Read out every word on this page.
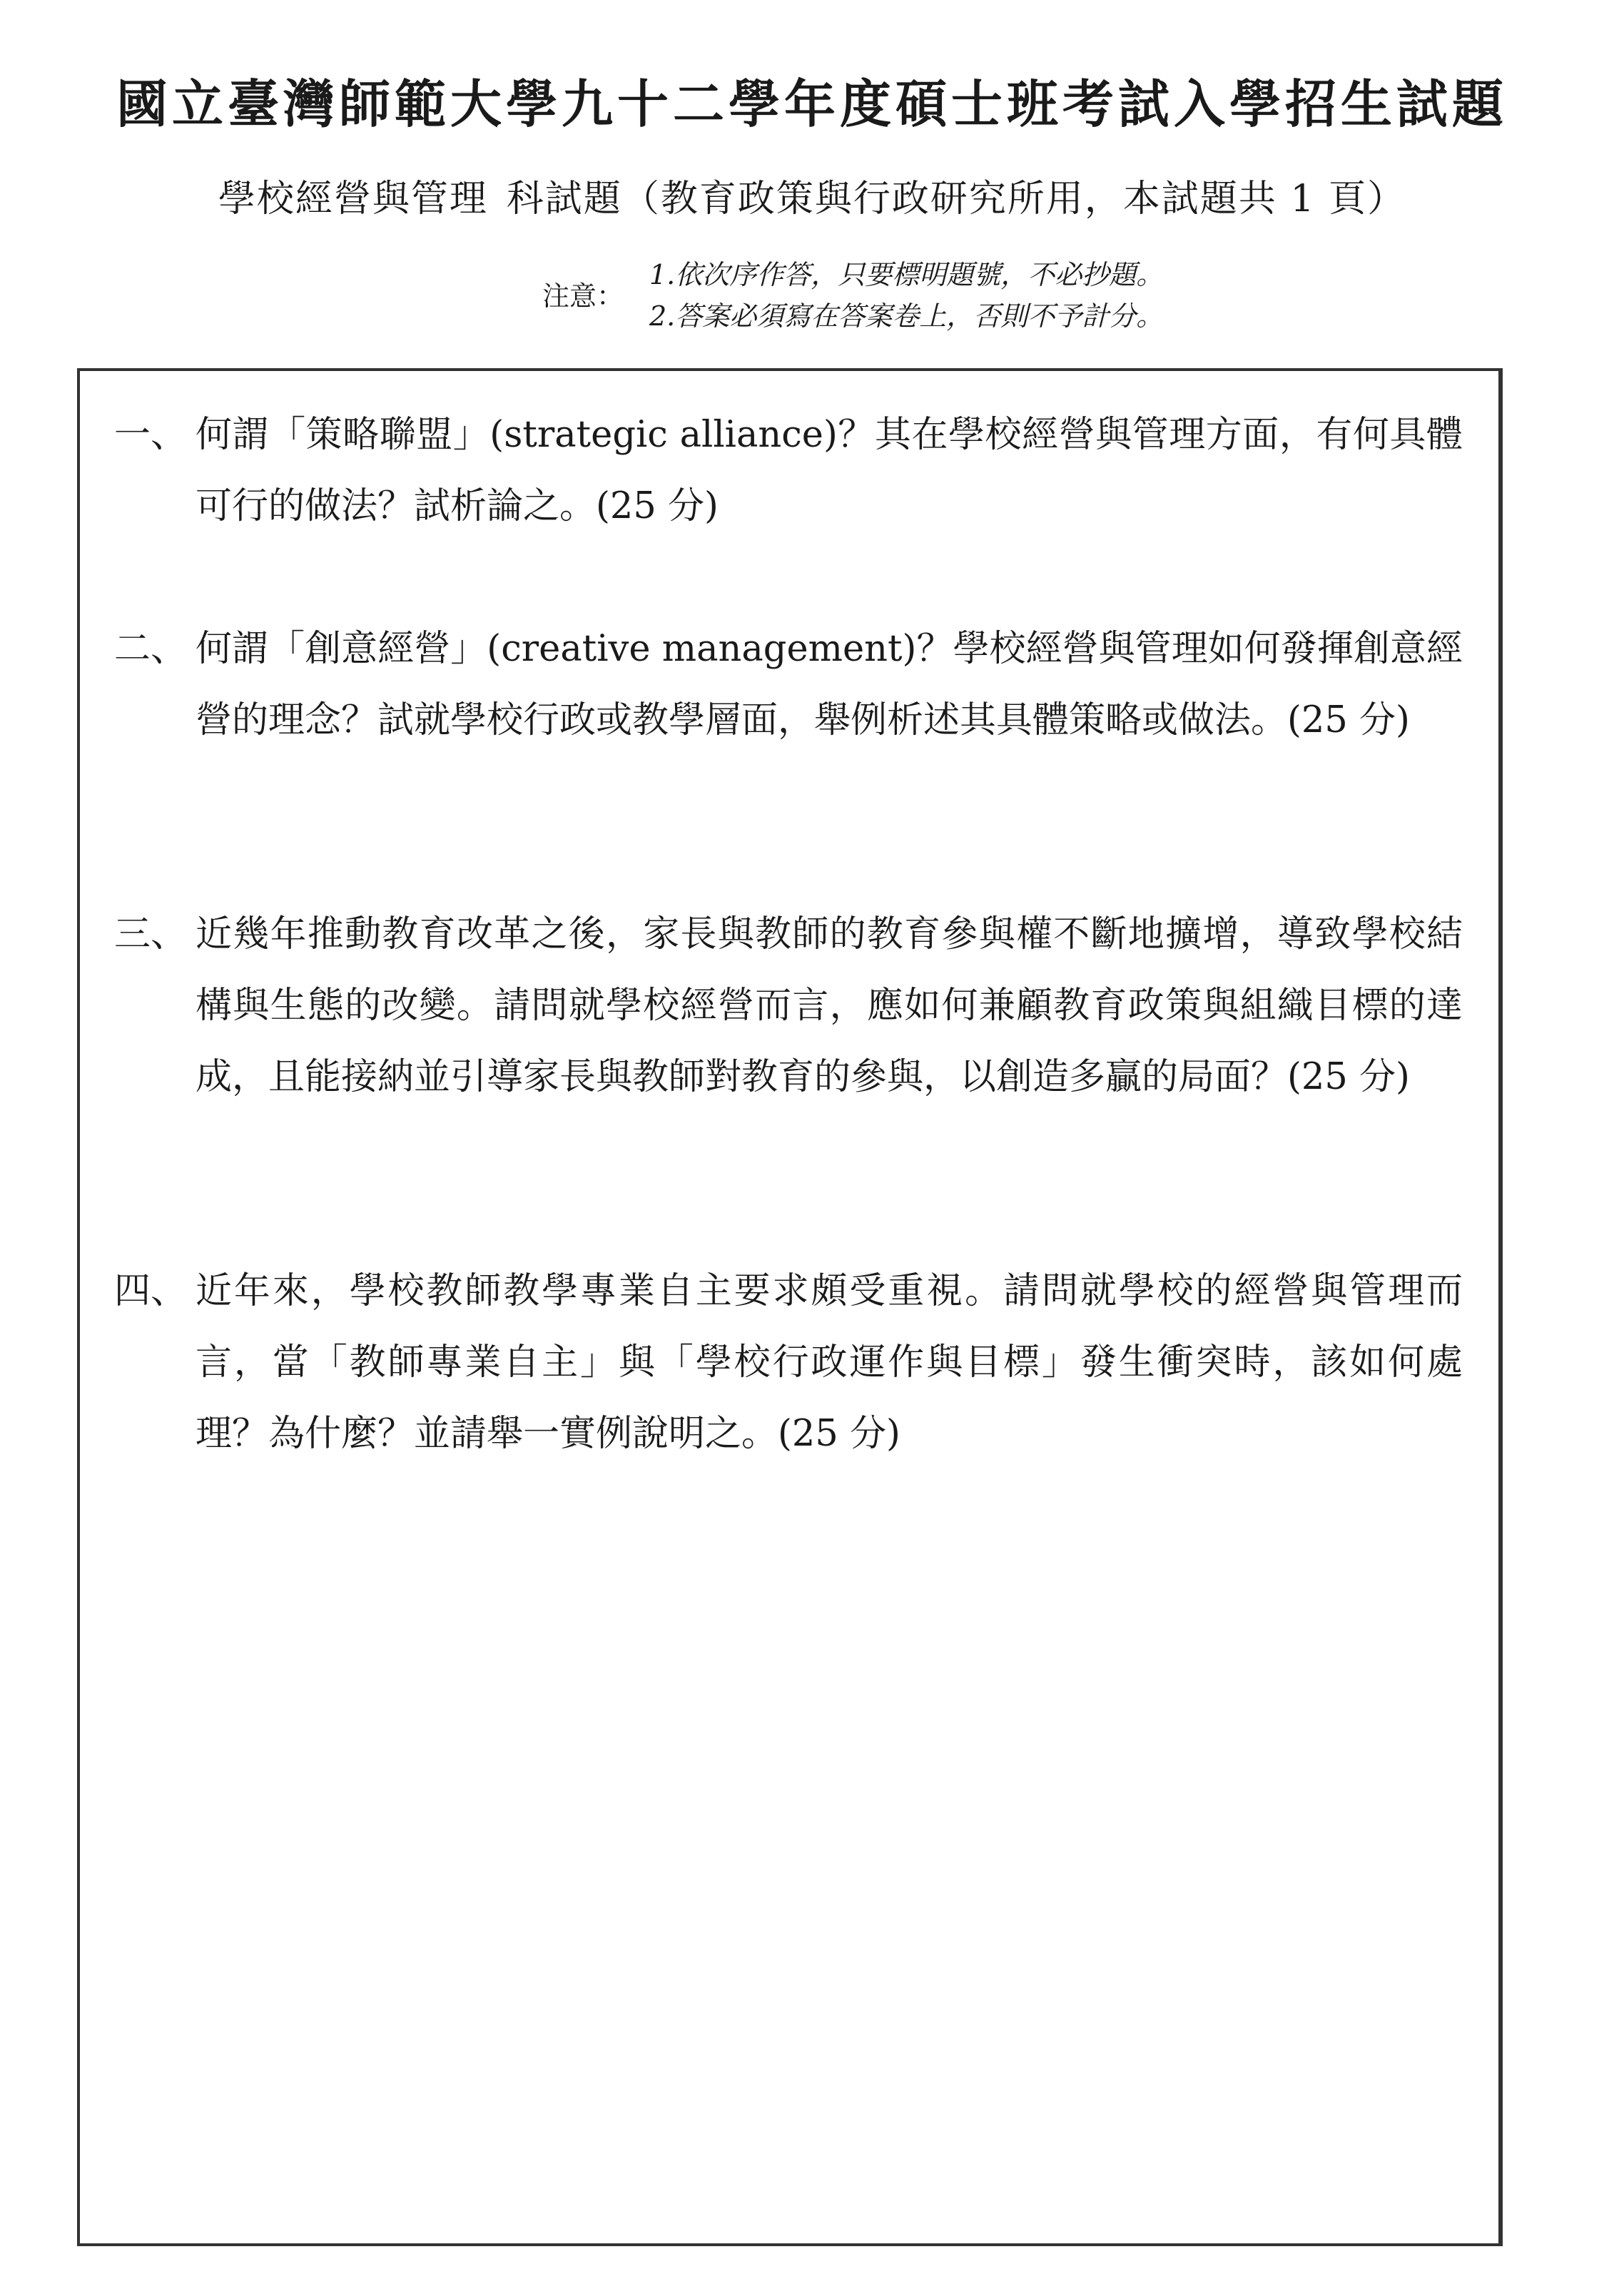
國立臺灣師範大學九十二學年度碩士班考試入學招生試題
學校經營與管理 科試題（教育政策與行政研究所用，本試題共 1 頁）
注意：
1.依次序作答，只要標明題號，不必抄題。
2.答案必須寫在答案卷上，否則不予計分。
一、 何謂「策略聯盟」(strategic alliance)？其在學校經營與管理方面，有何具體可行的做法？試析論之。(25 分)
二、 何謂「創意經營」(creative management)？學校經營與管理如何發揮創意經營的理念？試就學校行政或教學層面，舉例析述其具體策略或做法。(25 分)
三、 近幾年推動教育改革之後，家長與教師的教育參與權不斷地擴增，導致學校結構與生態的改變。請問就學校經營而言，應如何兼顧教育政策與組織目標的達成，且能接納並引導家長與教師對教育的參與，以創造多贏的局面？(25 分)
四、 近年來，學校教師教學專業自主要求頗受重視。請問就學校的經營與管理而言，當「教師專業自主」與「學校行政運作與目標」發生衝突時，該如何處理？為什麼？並請舉一實例說明之。(25 分)
